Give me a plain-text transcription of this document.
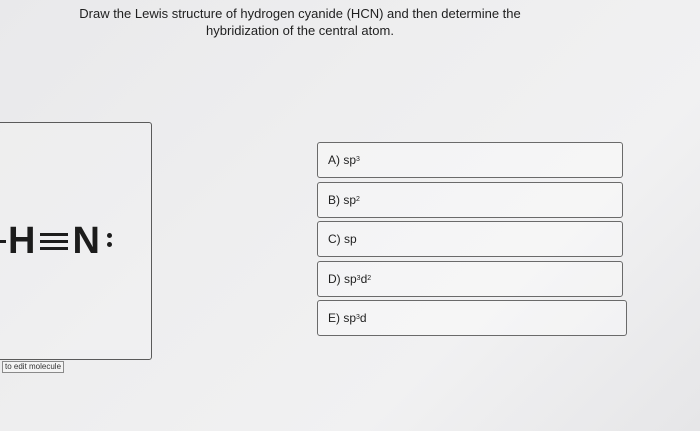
Draw the Lewis structure of hydrogen cyanide (HCN) and then determine the
hybridization of the central atom.
H N
to edit molecule
A) sp 3
B) sp 2
C) sp
D) sp 3 d 2
E) sp 3 d
